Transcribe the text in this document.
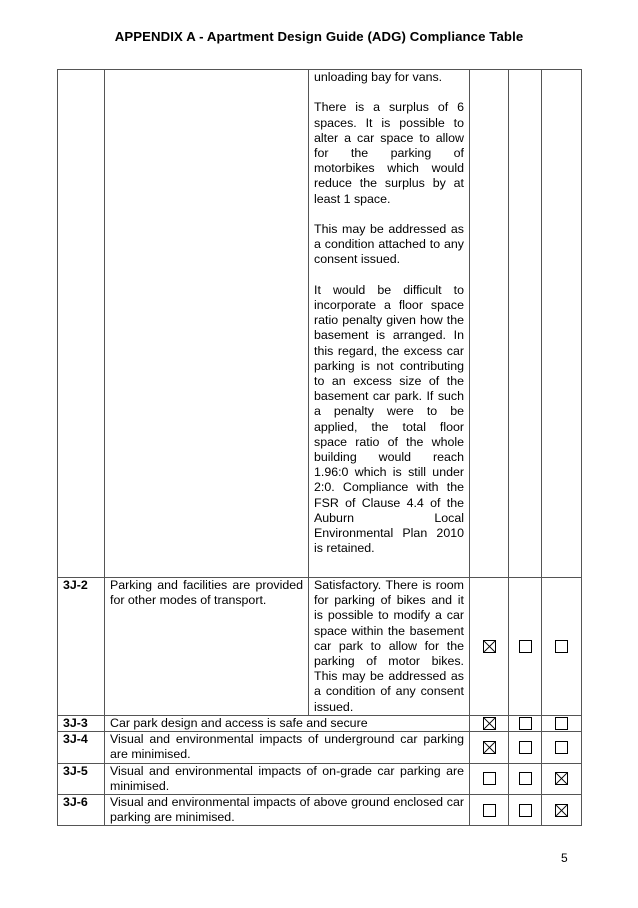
APPENDIX A - Apartment Design Guide (ADG) Compliance Table

		unloading bay for vans.

There is a surplus of 6 spaces. It is possible to alter a car space to allow for the parking of motorbikes which would reduce the surplus by at least 1 space.

This may be addressed as a condition attached to any consent issued.

It would be difficult to incorporate a floor space ratio penalty given how the basement is arranged. In this regard, the excess car parking is not contributing to an excess size of the basement car park. If such a penalty were to be applied, the total floor space ratio of the whole building would reach 1.96:0 which is still under 2:0. Compliance with the FSR of Clause 4.4 of the Auburn Local Environmental Plan 2010 is retained.			

3J-2	Parking and facilities are provided for other modes of transport.	Satisfactory. There is room for parking of bikes and it is possible to modify a car space within the basement car park to allow for the parking of motor bikes. This may be addressed as a condition of any consent issued.			
3J-3	Car park design and access is safe and secure				
3J-4	Visual and environmental impacts of underground car parking are minimised.				
3J-5	Visual and environmental impacts of on-grade car parking are minimised.				
3J-6	Visual and environmental impacts of above ground enclosed car parking are minimised.				
5
